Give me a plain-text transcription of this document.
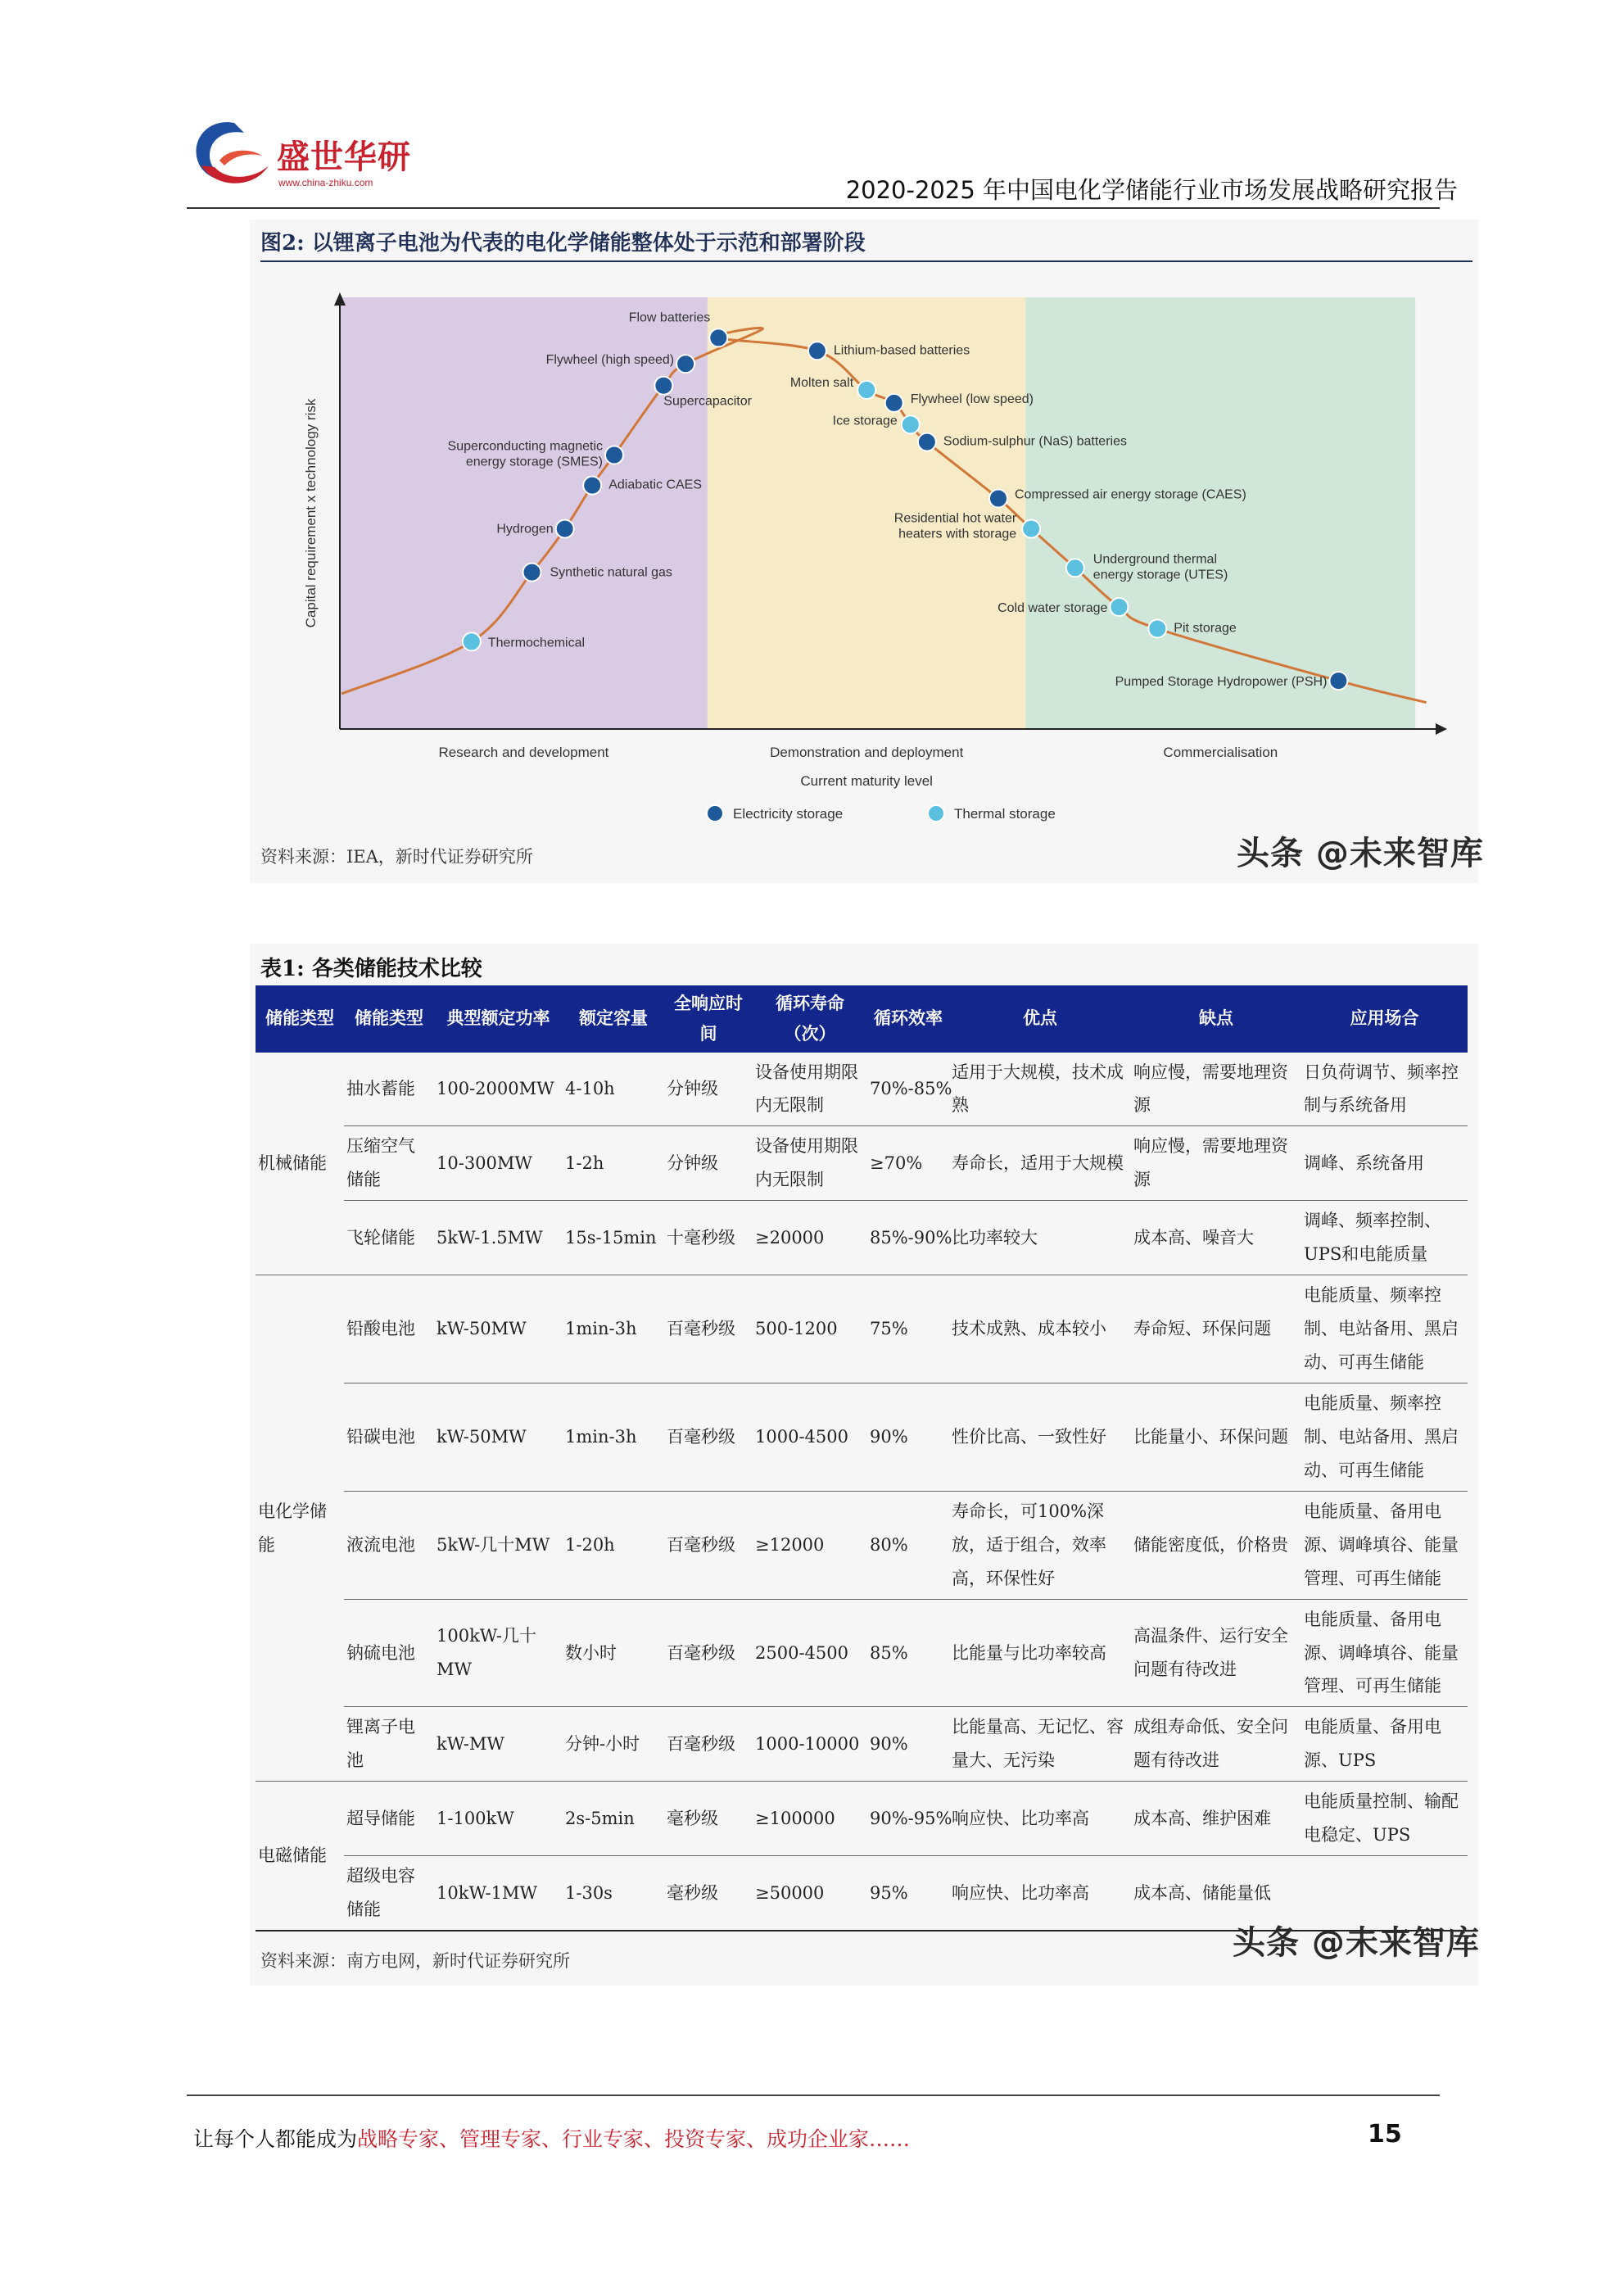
盛世华研
www.china-zhiku.com	2020-2025 年中国电化学储能行业市场发展战略研究报告
图2: 以锂离子电池为代表的电化学储能整体处于示范和部署阶段
Thermochemical
Synthetic natural gas
Hydrogen
Adiabatic CAES
Superconducting magnetic energy storage (SMES)
Supercapacitor
Flywheel (high speed)
Flow batteries
Lithium-based batteries
Molten salt
Flywheel (low speed)
Ice storage
Sodium-sulphur (NaS) batteries
Compressed air energy storage (CAES)
Residential hot water heaters with storage
Underground thermal energy storage (UTES)
Cold water storage
Pit storage
Pumped Storage Hydropower (PSH)
Capital requirement x technology risk
Research and development	Demonstration and deployment	Commercialisation
Current maturity level
Electricity storage	Thermal storage
资料来源：IEA，新时代证券研究所	头条 @未来智库
表1: 各类储能技术比较
储能类型	储能类型	典型额定功率	额定容量	全响应时间	循环寿命（次）	循环效率	优点	缺点	应用场合
机械储能	抽水蓄能	100-2000MW	4-10h	分钟级	设备使用期限内无限制	70%-85%	适用于大规模，技术成熟	响应慢，需要地理资源	日负荷调节、频率控制与系统备用
	压缩空气储能	10-300MW	1-2h	分钟级	设备使用期限内无限制	≥70%	寿命长，适用于大规模	响应慢，需要地理资源	调峰、系统备用
	飞轮储能	5kW-1.5MW	15s-15min	十毫秒级	≥20000	85%-90%	比功率较大	成本高、噪音大	调峰、频率控制、UPS和电能质量
电化学储能	铅酸电池	kW-50MW	1min-3h	百毫秒级	500-1200	75%	技术成熟、成本较小	寿命短、环保问题	电能质量、频率控制、电站备用、黑启动、可再生储能
	铅碳电池	kW-50MW	1min-3h	百毫秒级	1000-4500	90%	性价比高、一致性好	比能量小、环保问题	电能质量、频率控制、电站备用、黑启动、可再生储能
	液流电池	5kW-几十MW	1-20h	百毫秒级	≥12000	80%	寿命长，可100%深放，适于组合，效率高，环保性好	储能密度低，价格贵	电能质量、备用电源、调峰填谷、能量管理、可再生储能
	钠硫电池	100kW-几十MW	数小时	百毫秒级	2500-4500	85%	比能量与比功率较高	高温条件、运行安全问题有待改进	电能质量、备用电源、调峰填谷、能量管理、可再生储能
	锂离子电池	kW-MW	分钟-小时	百毫秒级	1000-10000	90%	比能量高、无记忆、容量大、无污染	成组寿命低、安全问题有待改进	电能质量、备用电源、UPS
电磁储能	超导储能	1-100kW	2s-5min	毫秒级	≥100000	90%-95%	响应快、比功率高	成本高、维护困难	电能质量控制、输配电稳定、UPS
	超级电容储能	10kW-1MW	1-30s	毫秒级	≥50000	95%	响应快、比功率高	成本高、储能量低	
资料来源：南方电网，新时代证券研究所	头条 @未来智库
让每个人都能成为战略专家、管理专家、行业专家、投资专家、成功企业家……	15
